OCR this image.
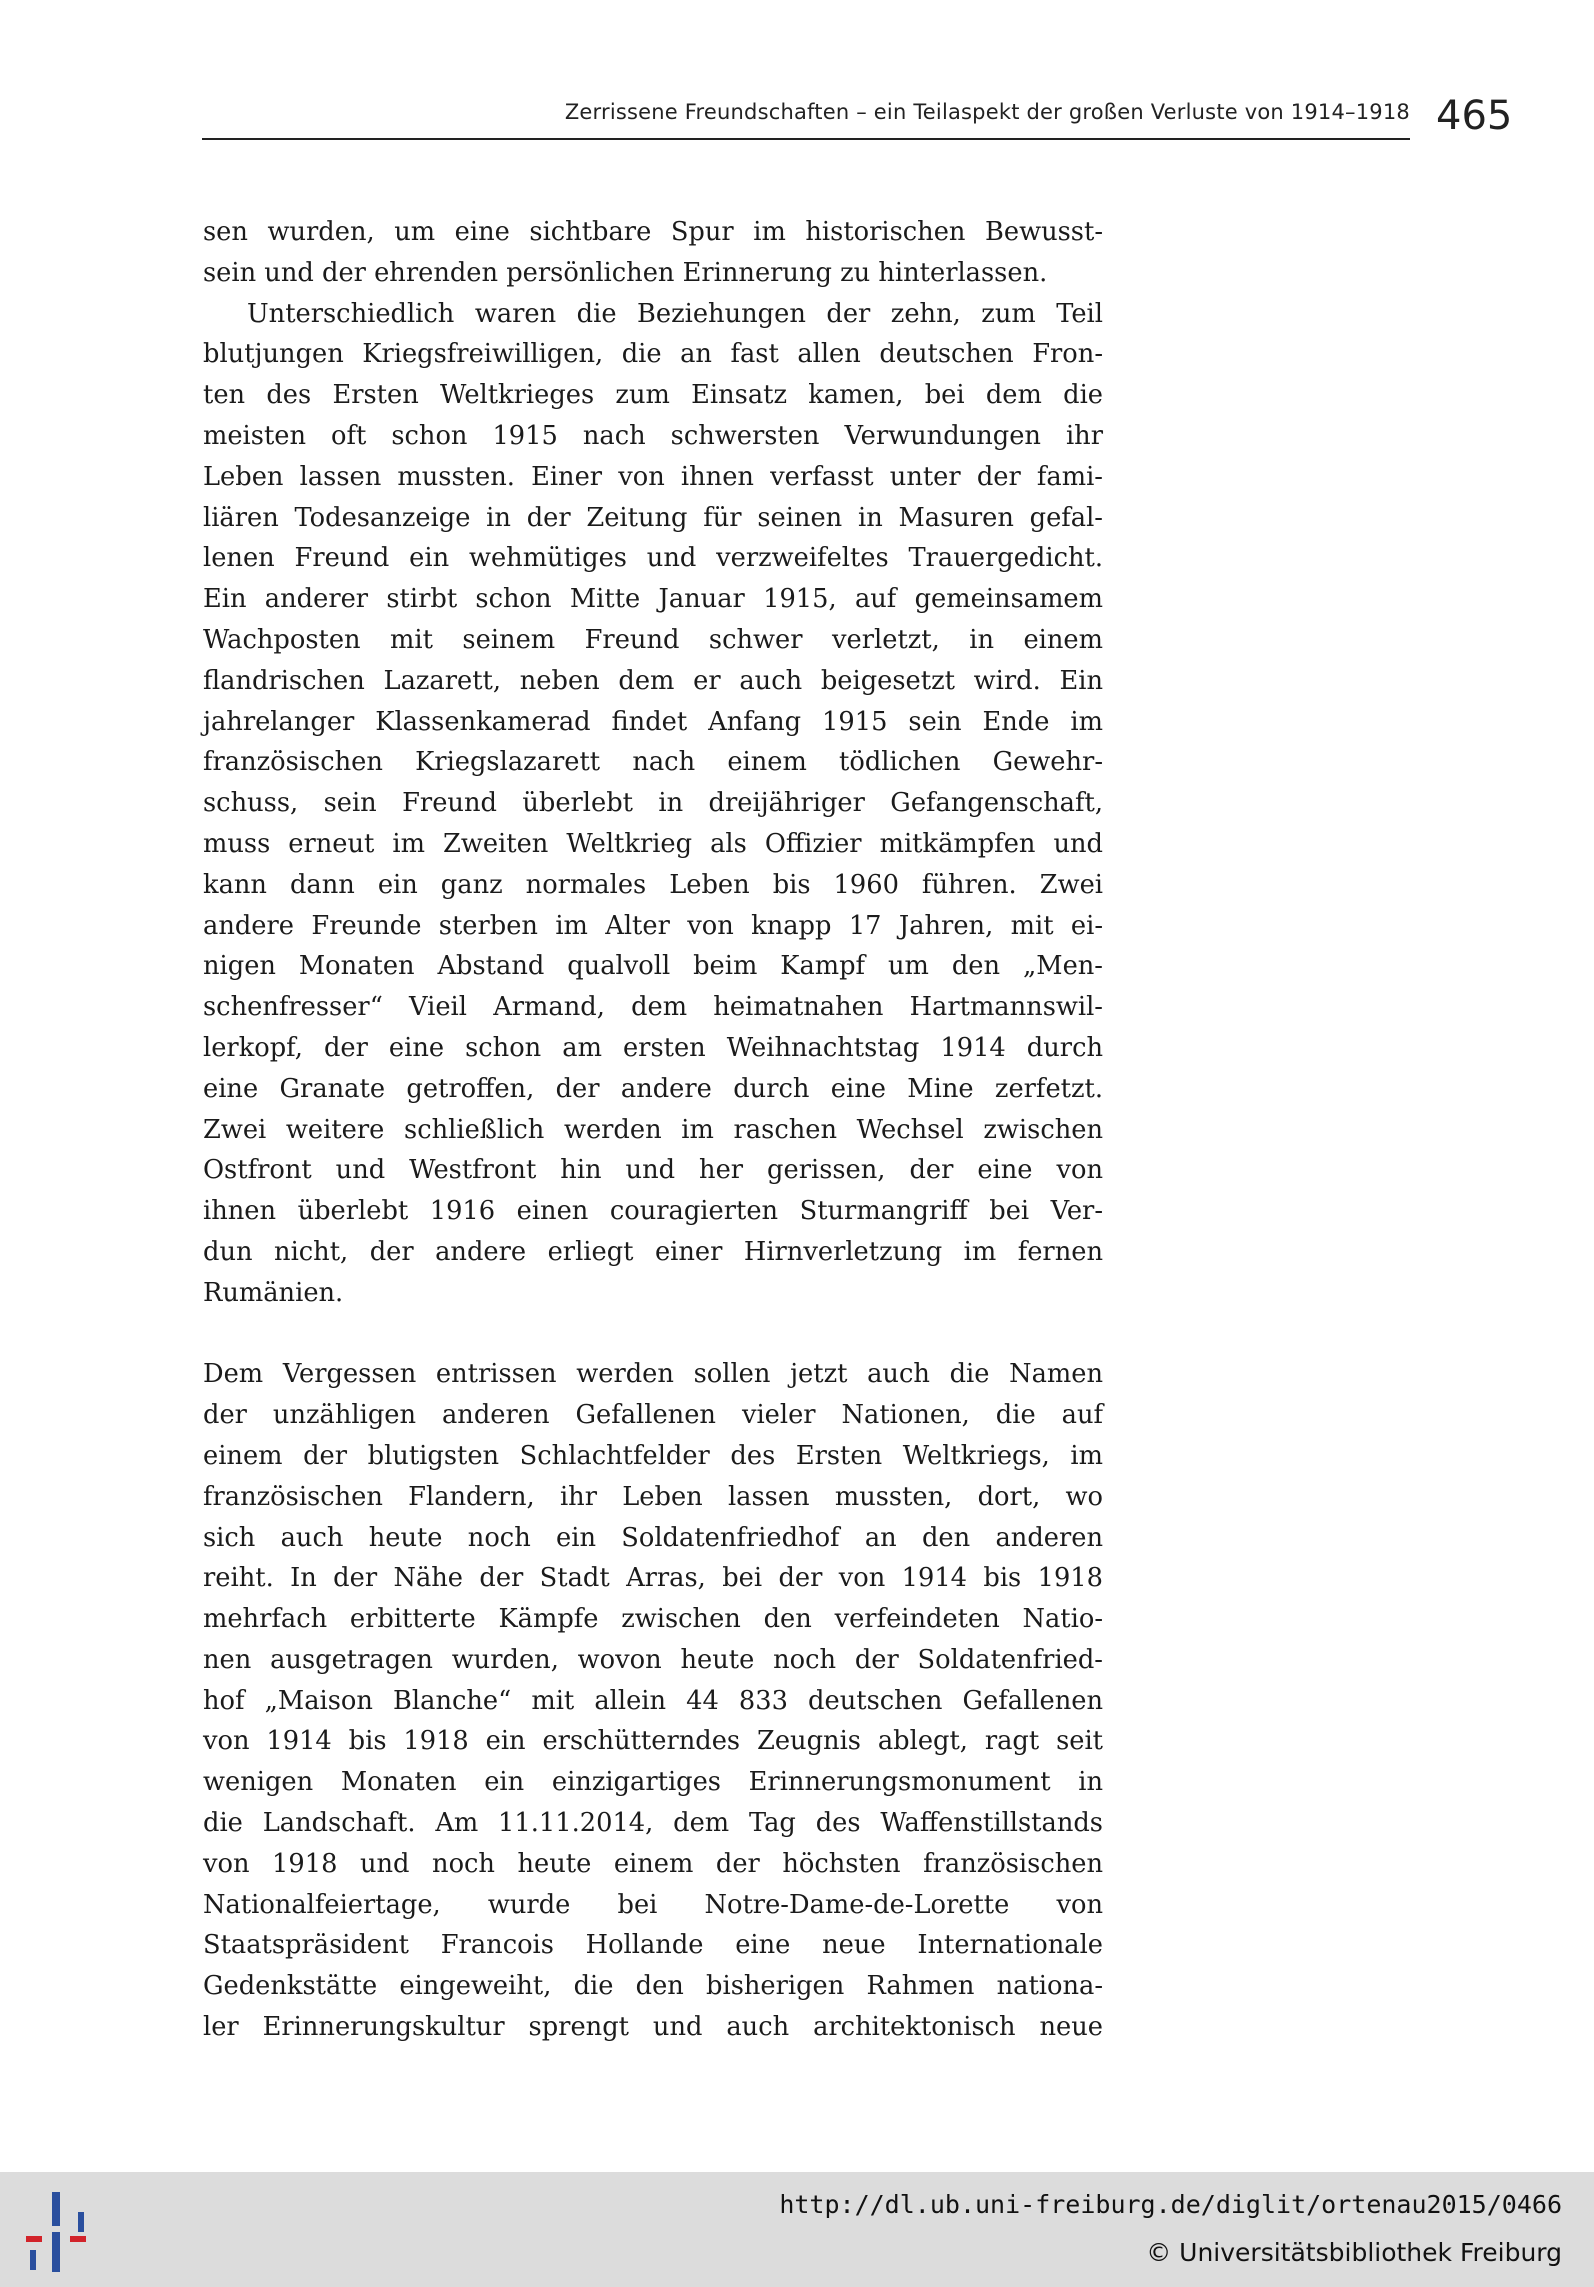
Zerrissene Freundschaften – ein Teilaspekt der großen Verluste von 1914–1918 465
sen wurden, um eine sichtbare Spur im historischen Bewusst-
sein und der ehrenden persönlichen Erinnerung zu hinterlassen.
Unterschiedlich waren die Beziehungen der zehn, zum Teil
blutjungen Kriegsfreiwilligen, die an fast allen deutschen Fron-
ten des Ersten Weltkrieges zum Einsatz kamen, bei dem die
meisten oft schon 1915 nach schwersten Verwundungen ihr
Leben lassen mussten. Einer von ihnen verfasst unter der fami-
liären Todesanzeige in der Zeitung für seinen in Masuren gefal-
lenen Freund ein wehmütiges und verzweifeltes Trauergedicht.
Ein anderer stirbt schon Mitte Januar 1915, auf gemeinsamem
Wachposten mit seinem Freund schwer verletzt, in einem
flandrischen Lazarett, neben dem er auch beigesetzt wird. Ein
jahrelanger Klassenkamerad findet Anfang 1915 sein Ende im
französischen Kriegslazarett nach einem tödlichen Gewehr-
schuss, sein Freund überlebt in dreijähriger Gefangenschaft,
muss erneut im Zweiten Weltkrieg als Offizier mitkämpfen und
kann dann ein ganz normales Leben bis 1960 führen. Zwei
andere Freunde sterben im Alter von knapp 17 Jahren, mit ei-
nigen Monaten Abstand qualvoll beim Kampf um den „Men-
schenfresser“ Vieil Armand, dem heimatnahen Hartmannswil-
lerkopf, der eine schon am ersten Weihnachtstag 1914 durch
eine Granate getroffen, der andere durch eine Mine zerfetzt.
Zwei weitere schließlich werden im raschen Wechsel zwischen
Ostfront und Westfront hin und her gerissen, der eine von
ihnen überlebt 1916 einen couragierten Sturmangriff bei Ver-
dun nicht, der andere erliegt einer Hirnverletzung im fernen
Rumänien.
Dem Vergessen entrissen werden sollen jetzt auch die Namen
der unzähligen anderen Gefallenen vieler Nationen, die auf
einem der blutigsten Schlachtfelder des Ersten Weltkriegs, im
französischen Flandern, ihr Leben lassen mussten, dort, wo
sich auch heute noch ein Soldatenfriedhof an den anderen
reiht. In der Nähe der Stadt Arras, bei der von 1914 bis 1918
mehrfach erbitterte Kämpfe zwischen den verfeindeten Natio-
nen ausgetragen wurden, wovon heute noch der Soldatenfried-
hof „Maison Blanche“ mit allein 44 833 deutschen Gefallenen
von 1914 bis 1918 ein erschütterndes Zeugnis ablegt, ragt seit
wenigen Monaten ein einzigartiges Erinnerungsmonument in
die Landschaft. Am 11.11.2014, dem Tag des Waffenstillstands
von 1918 und noch heute einem der höchsten französischen
Nationalfeiertage, wurde bei Notre-Dame-de-Lorette von
Staatspräsident Francois Hollande eine neue Internationale
Gedenkstätte eingeweiht, die den bisherigen Rahmen nationa-
ler Erinnerungskultur sprengt und auch architektonisch neue
http://dl.ub.uni-freiburg.de/diglit/ortenau2015/0466
© Universitätsbibliothek Freiburg
